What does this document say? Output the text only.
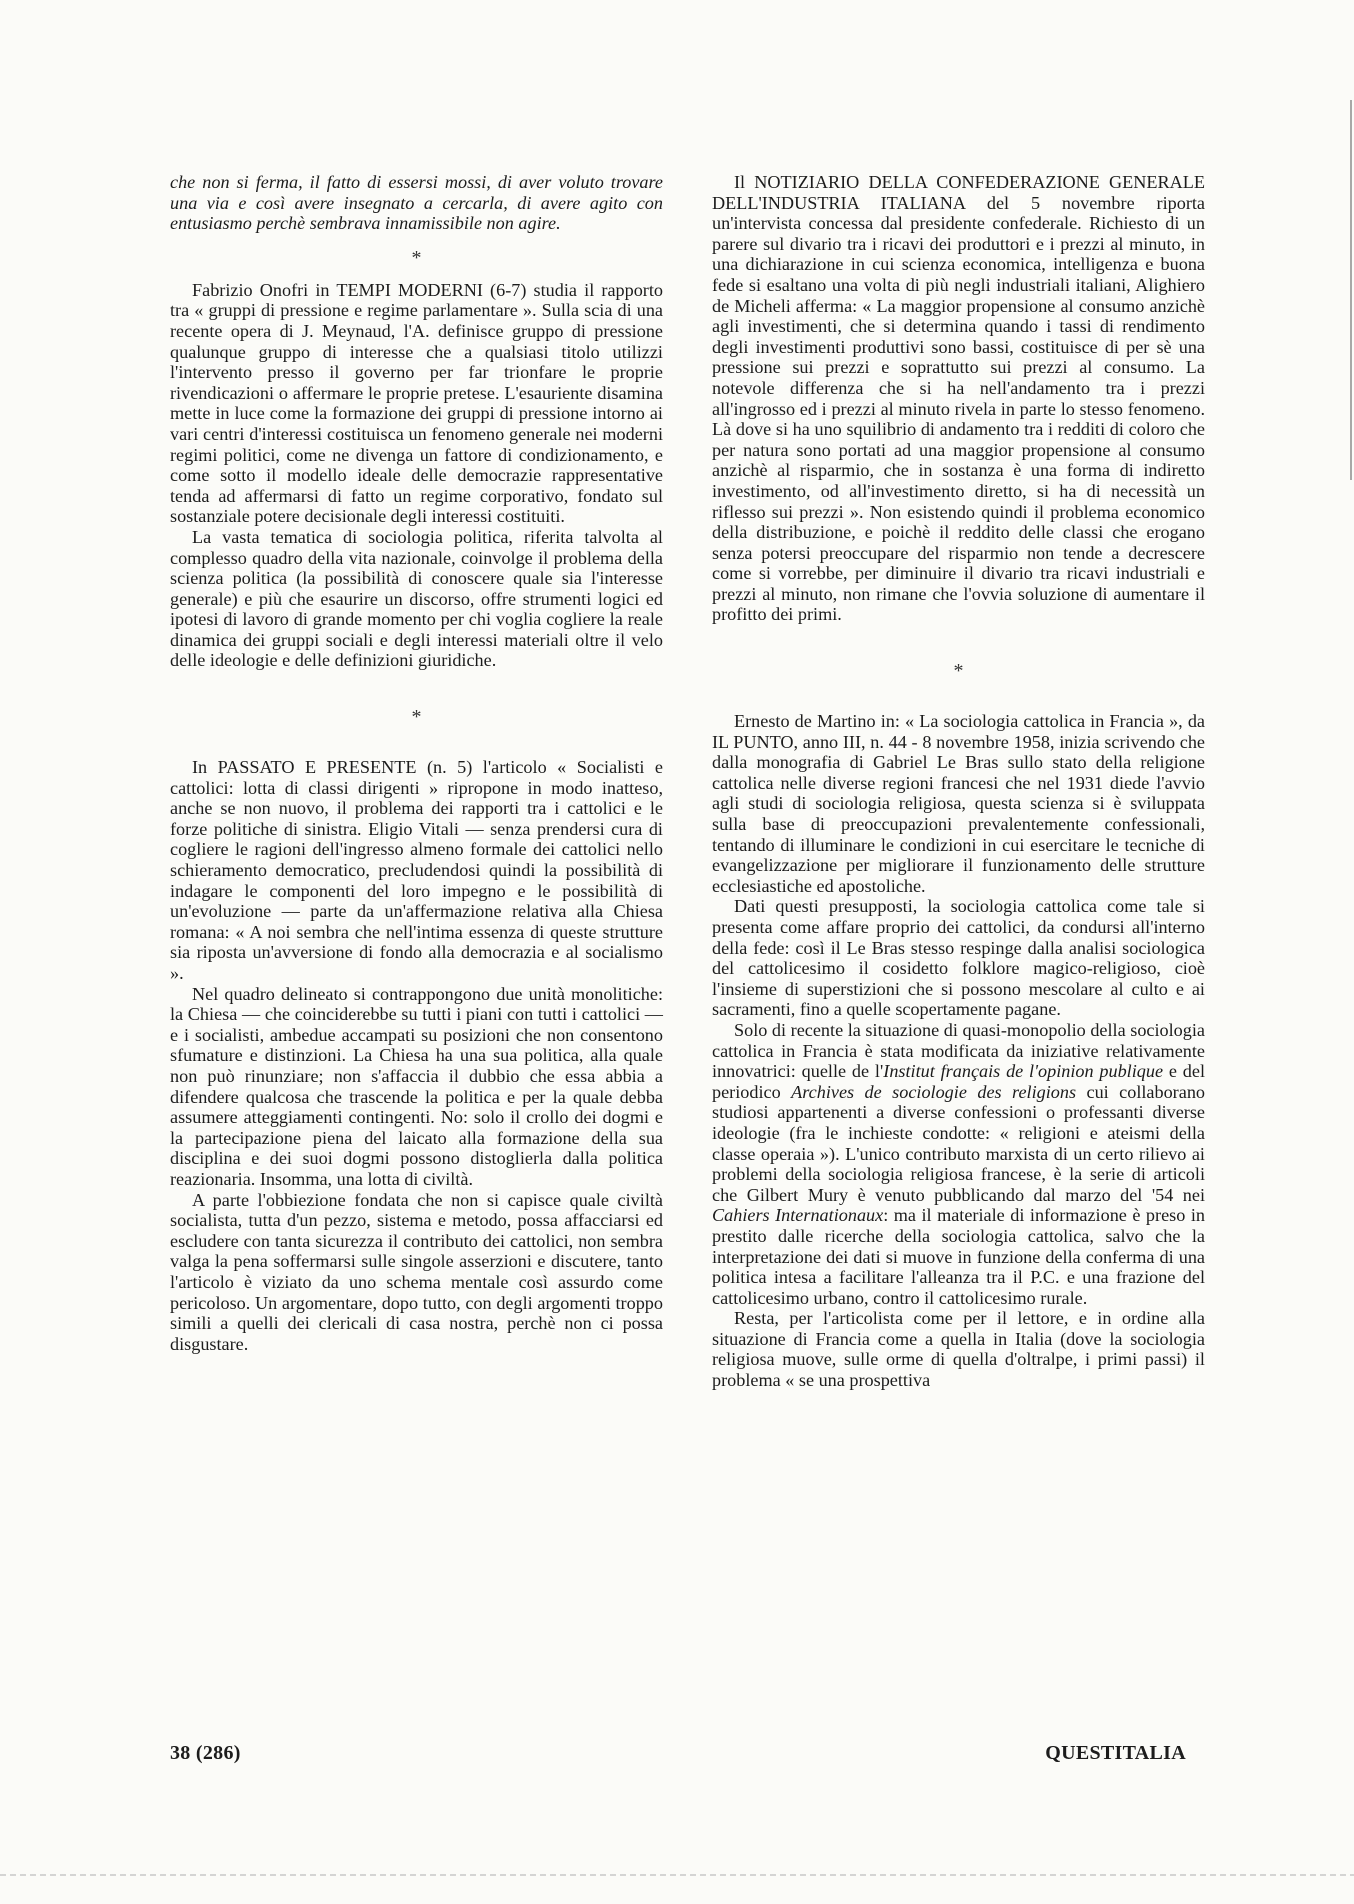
che non si ferma, il fatto di essersi mossi, di aver voluto trovare una via e così avere insegnato a cercarla, di avere agito con entusiasmo perchè sembrava innamissibile non agire.

*

Fabrizio Onofri in TEMPI MODERNI (6-7) studia il rapporto tra « gruppi di pressione e regime parlamentare ». Sulla scia di una recente opera di J. Meynaud, l'A. definisce gruppo di pressione qualunque gruppo di interesse che a qualsiasi titolo utilizzi l'intervento presso il governo per far trionfare le proprie rivendicazioni o affermare le proprie pretese. L'esauriente disamina mette in luce come la formazione dei gruppi di pressione intorno ai vari centri d'interessi costituisca un fenomeno generale nei moderni regimi politici, come ne divenga un fattore di condizionamento, e come sotto il modello ideale delle democrazie rappresentative tenda ad affermarsi di fatto un regime corporativo, fondato sul sostanziale potere decisionale degli interessi costituiti.

La vasta tematica di sociologia politica, riferita talvolta al complesso quadro della vita nazionale, coinvolge il problema della scienza politica (la possibilità di conoscere quale sia l'interesse generale) e più che esaurire un discorso, offre strumenti logici ed ipotesi di lavoro di grande momento per chi voglia cogliere la reale dinamica dei gruppi sociali e degli interessi materiali oltre il velo delle ideologie e delle definizioni giuridiche.

*

In PASSATO E PRESENTE (n. 5) l'articolo « Socialisti e cattolici: lotta di classi dirigenti » ripropone in modo inatteso, anche se non nuovo, il problema dei rapporti tra i cattolici e le forze politiche di sinistra. Eligio Vitali — senza prendersi cura di cogliere le ragioni dell'ingresso almeno formale dei cattolici nello schieramento democratico, precludendosi quindi la possibilità di indagare le componenti del loro impegno e le possibilità di un'evoluzione — parte da un'affermazione relativa alla Chiesa romana: « A noi sembra che nell'intima essenza di queste strutture sia riposta un'avversione di fondo alla democrazia e al socialismo ».

Nel quadro delineato si contrappongono due unità monolitiche: la Chiesa — che coinciderebbe su tutti i piani con tutti i cattolici — e i socialisti, ambedue accampati su posizioni che non consentono sfumature e distinzioni. La Chiesa ha una sua politica, alla quale non può rinunziare; non s'affaccia il dubbio che essa abbia a difendere qualcosa che trascende la politica e per la quale debba assumere atteggiamenti contingenti. No: solo il crollo dei dogmi e la partecipazione piena del laicato alla formazione della sua disciplina e dei suoi dogmi possono distoglierla dalla politica reazionaria. Insomma, una lotta di civiltà.

A parte l'obbiezione fondata che non si capisce quale civiltà socialista, tutta d'un pezzo, sistema e metodo, possa affacciarsi ed escludere con tanta sicurezza il contributo dei cattolici, non sembra valga la pena soffermarsi sulle singole asserzioni e discutere, tanto l'articolo è viziato da uno schema mentale così assurdo come pericoloso. Un argomentare, dopo tutto, con degli argomenti troppo simili a quelli dei clericali di casa nostra, perchè non ci possa disgustare.

Il NOTIZIARIO DELLA CONFEDERAZIONE GENERALE DELL'INDUSTRIA ITALIANA del 5 novembre riporta un'intervista concessa dal presidente confederale. Richiesto di un parere sul divario tra i ricavi dei produttori e i prezzi al minuto, in una dichiarazione in cui scienza economica, intelligenza e buona fede si esaltano una volta di più negli industriali italiani, Alighiero de Micheli afferma: « La maggior propensione al consumo anzichè agli investimenti, che si determina quando i tassi di rendimento degli investimenti produttivi sono bassi, costituisce di per sè una pressione sui prezzi e soprattutto sui prezzi al consumo. La notevole differenza che si ha nell'andamento tra i prezzi all'ingrosso ed i prezzi al minuto rivela in parte lo stesso fenomeno. Là dove si ha uno squilibrio di andamento tra i redditi di coloro che per natura sono portati ad una maggior propensione al consumo anzichè al risparmio, che in sostanza è una forma di indiretto investimento, od all'investimento diretto, si ha di necessità un riflesso sui prezzi ». Non esistendo quindi il problema economico della distribuzione, e poichè il reddito delle classi che erogano senza potersi preoccupare del risparmio non tende a decrescere come si vorrebbe, per diminuire il divario tra ricavi industriali e prezzi al minuto, non rimane che l'ovvia soluzione di aumentare il profitto dei primi.

*

Ernesto de Martino in: « La sociologia cattolica in Francia », da IL PUNTO, anno III, n. 44 - 8 novembre 1958, inizia scrivendo che dalla monografia di Gabriel Le Bras sullo stato della religione cattolica nelle diverse regioni francesi che nel 1931 diede l'avvio agli studi di sociologia religiosa, questa scienza si è sviluppata sulla base di preoccupazioni prevalentemente confessionali, tentando di illuminare le condizioni in cui esercitare le tecniche di evangelizzazione per migliorare il funzionamento delle strutture ecclesiastiche ed apostoliche.

Dati questi presupposti, la sociologia cattolica come tale si presenta come affare proprio dei cattolici, da condursi all'interno della fede: così il Le Bras stesso respinge dalla analisi sociologica del cattolicesimo il cosidetto folklore magico-religioso, cioè l'insieme di superstizioni che si possono mescolare al culto e ai sacramenti, fino a quelle scopertamente pagane.

Solo di recente la situazione di quasi-monopolio della sociologia cattolica in Francia è stata modificata da iniziative relativamente innovatrici: quelle de l'Institut français de l'opinion publique e del periodico Archives de sociologie des religions cui collaborano studiosi appartenenti a diverse confessioni o professanti diverse ideologie (fra le inchieste condotte: « religioni e ateismi della classe operaia »). L'unico contributo marxista di un certo rilievo ai problemi della sociologia religiosa francese, è la serie di articoli che Gilbert Mury è venuto pubblicando dal marzo del '54 nei Cahiers Internationaux: ma il materiale di informazione è preso in prestito dalle ricerche della sociologia cattolica, salvo che la interpretazione dei dati si muove in funzione della conferma di una politica intesa a facilitare l'alleanza tra il P.C. e una frazione del cattolicesimo urbano, contro il cattolicesimo rurale.

Resta, per l'articolista come per il lettore, e in ordine alla situazione di Francia come a quella in Italia (dove la sociologia religiosa muove, sulle orme di quella d'oltralpe, i primi passi) il problema « se una prospettiva

38 (286)	QUESTITALIA
